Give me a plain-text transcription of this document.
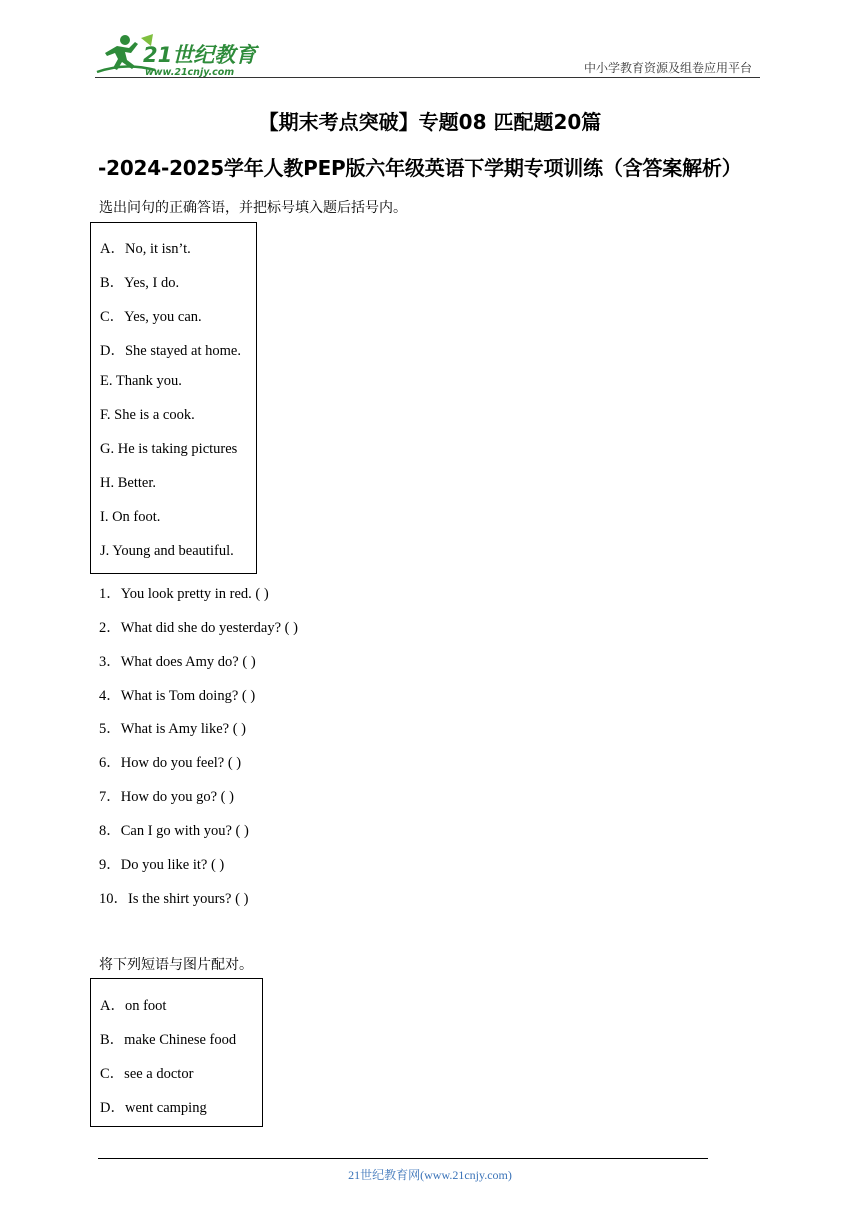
21世纪教育
www.21cnjy.com	中小学教育资源及组卷应用平台
【期末考点突破】专题08 匹配题20篇
-2024-2025学年人教PEP版六年级英语下学期专项训练（含答案解析）
选出问句的正确答语，并把标号填入题后括号内。
A．No, it isn’t.
B．Yes, I do.
C．Yes, you can.
D．She stayed at home.
E. Thank you.
F. She is a cook.
G. He is taking pictures
H. Better.
I. On foot.
J. Young and beautiful.
1．You look pretty in red. ( )
2．What did she do yesterday? ( )
3．What does Amy do? ( )
4．What is Tom doing? ( )
5．What is Amy like? ( )
6．How do you feel? ( )
7．How do you go? ( )
8．Can I go with you? ( )
9．Do you like it? ( )
10．Is the shirt yours? ( )
将下列短语与图片配对。
A．on foot
B．make Chinese food
C．see a doctor
D．went camping
21世纪教育网(www.21cnjy.com)
